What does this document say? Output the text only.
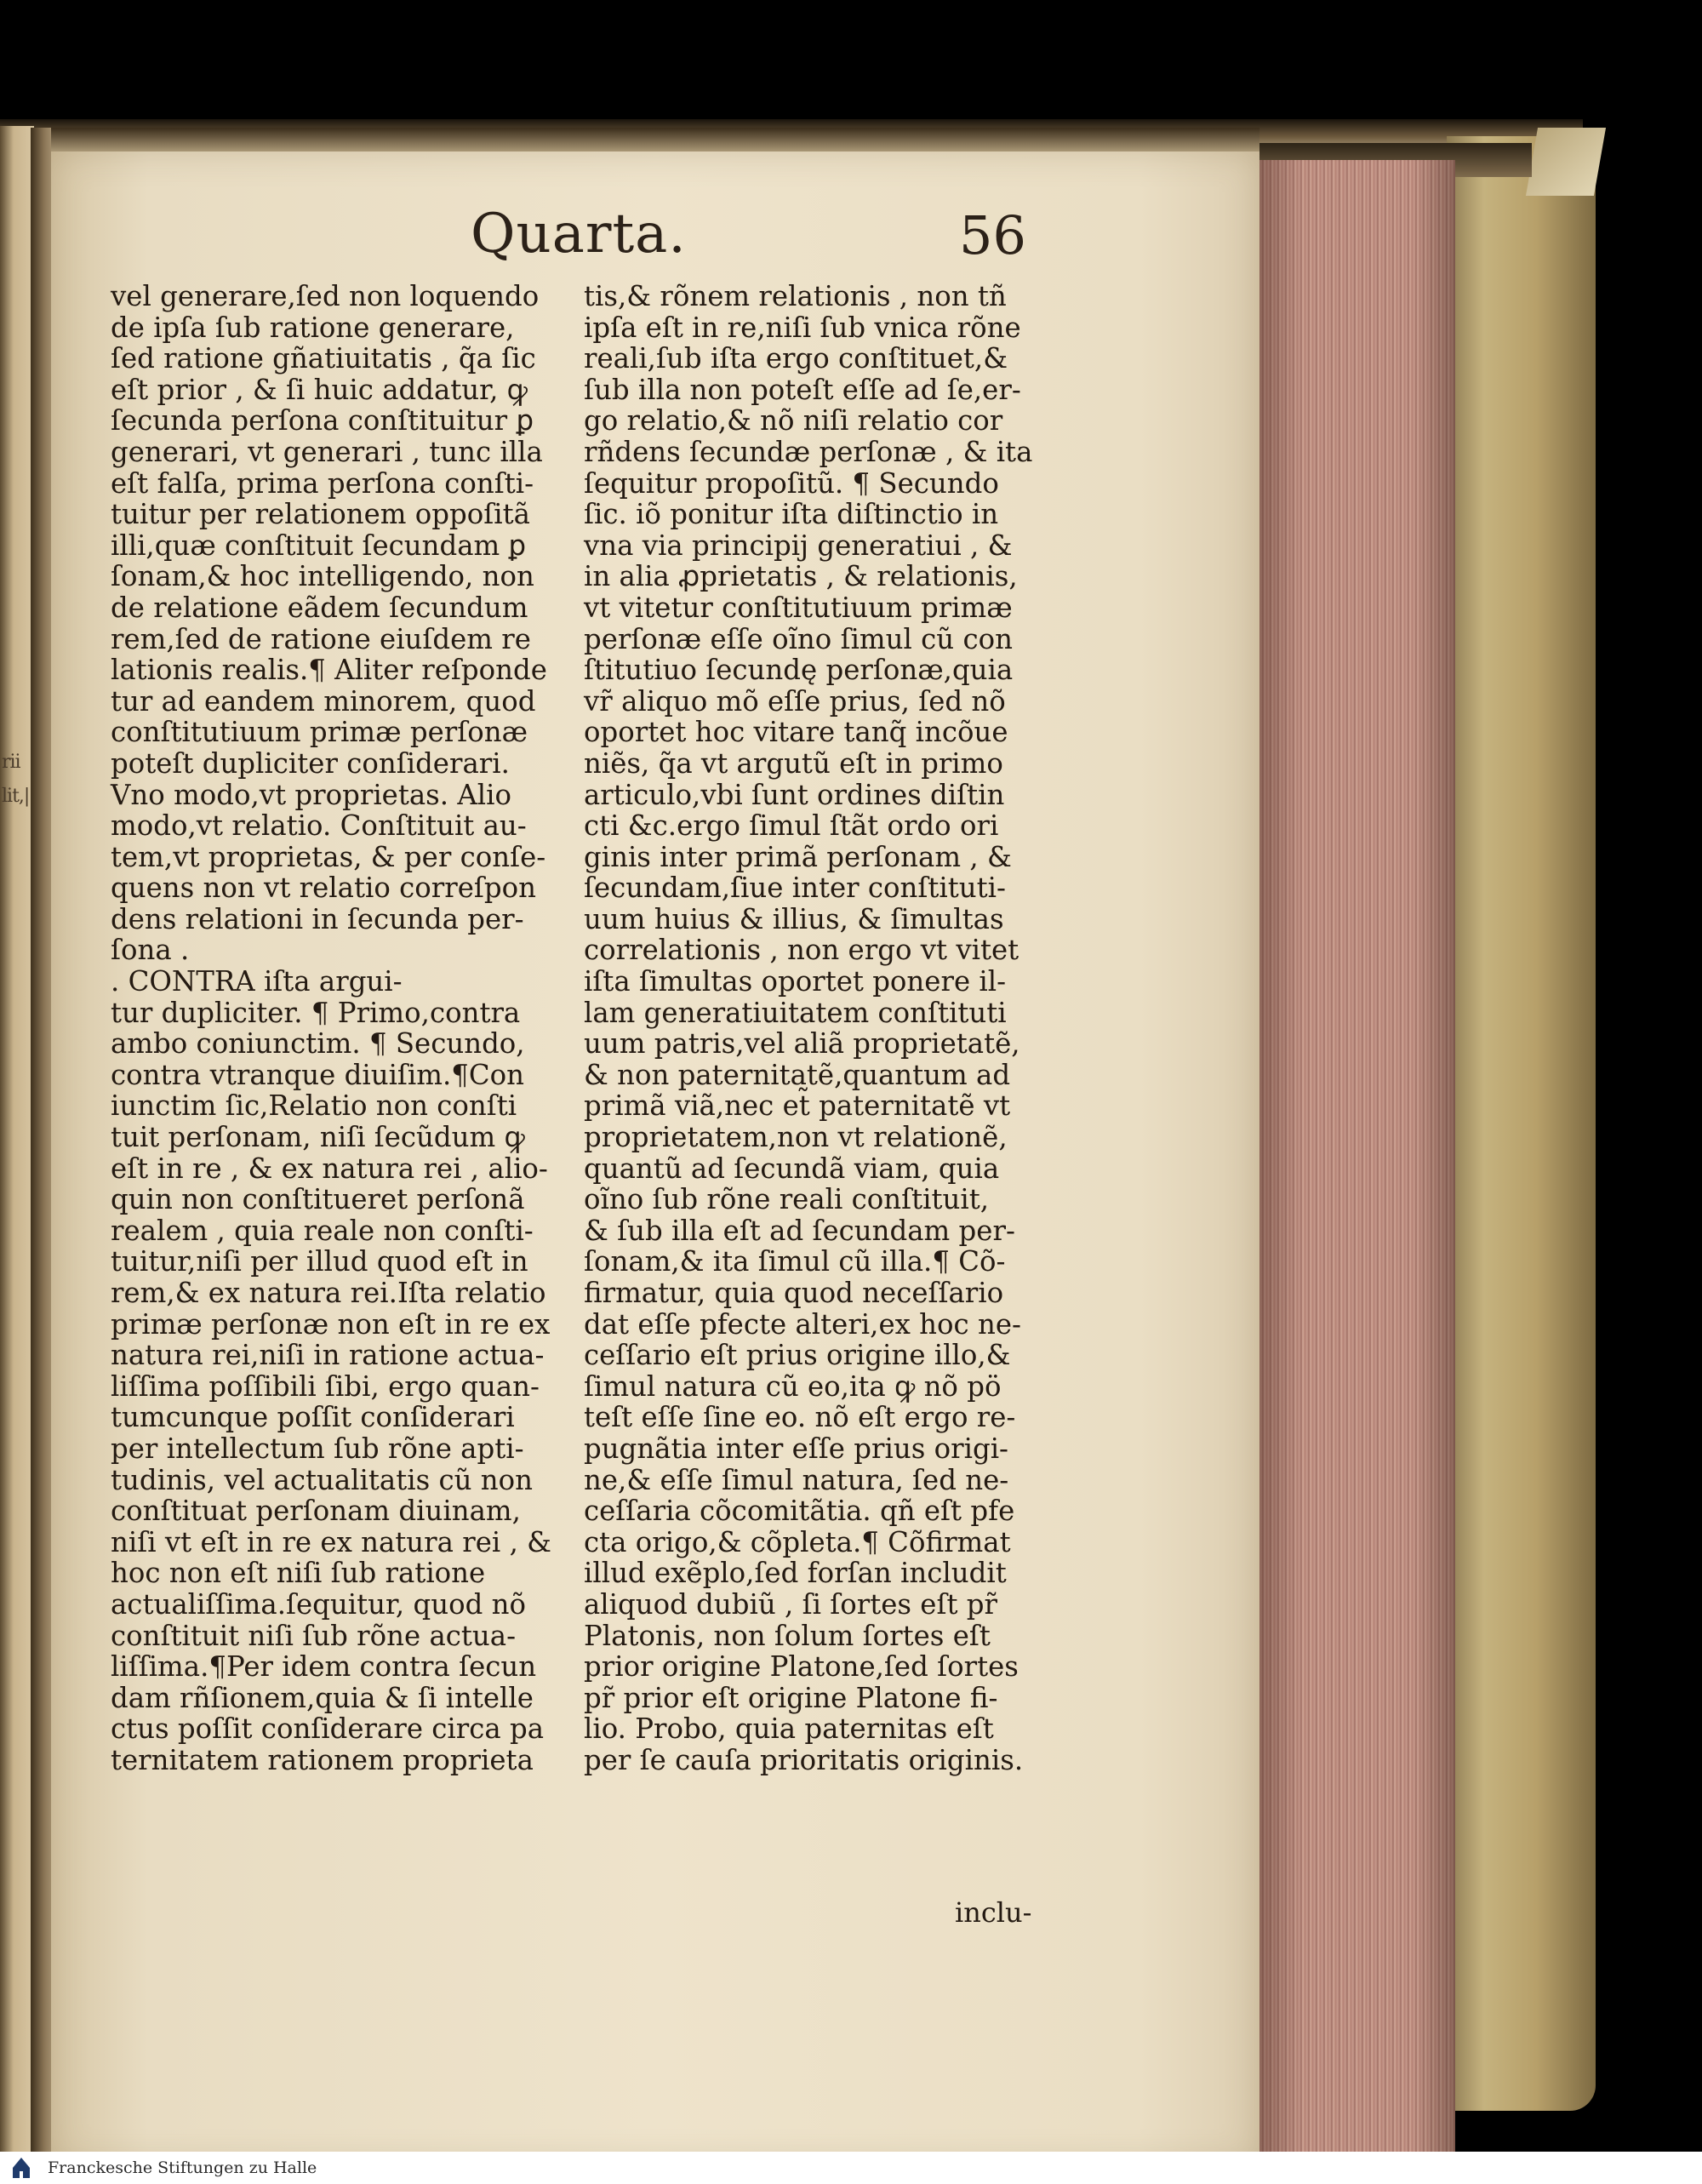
rii
lit,|
Quarta.	56
vel generare,ſed non loquendo
de ipſa ſub ratione generare,
ſed ratione gñatiuitatis , q̃a ſic
eſt prior , & ſi huic addatur, ꝙ
ſecunda perſona conſtituitur ꝑ
generari, vt generari , tunc illa
eſt falſa, prima perſona conſti-
tuitur per relationem oppoſitã
illi,quæ conſtituit ſecundam ꝑ
ſonam,& hoc intelligendo, non
de relatione eãdem ſecundum
rem,ſed de ratione eiuſdem re
lationis realis.¶ Aliter reſponde
tur ad eandem minorem, quod
conſtitutiuum primæ perſonæ
poteſt dupliciter conſiderari.
Vno modo,vt proprietas. Alio
modo,vt relatio. Conſtituit au-
tem,vt proprietas, & per conſe-
quens non vt relatio correſpon
dens relationi in ſecunda per-
ſona .
. CONTRA iſta argui-
tur dupliciter. ¶ Primo,contra
ambo coniunctim. ¶ Secundo,
contra vtranque diuiſim.¶Con
iunctim ſic,Relatio non conſti
tuit perſonam, niſi ſecũdum ꝙ
eſt in re , & ex natura rei , alio-
quin non conſtitueret perſonã
realem , quia reale non conſti-
tuitur,niſi per illud quod eſt in
rem,& ex natura rei.Iſta relatio
primæ perſonæ non eſt in re ex
natura rei,niſi in ratione actua-
liſſima poſſibili ſibi, ergo quan-
tumcunque poſſit conſiderari
per intellectum ſub rõne apti-
tudinis, vel actualitatis cũ non
conſtituat perſonam diuinam,
niſi vt eſt in re ex natura rei , &
hoc non eſt niſi ſub ratione
actualiſſima.ſequitur, quod nõ
conſtituit niſi ſub rõne actua-
liſſima.¶Per idem contra ſecun
dam rñſionem,quia & ſi intelle
ctus poſſit conſiderare circa pa
ternitatem rationem proprieta
tis,& rõnem relationis , non tñ
ipſa eſt in re,niſi ſub vnica rõne
reali,ſub iſta ergo conſtituet,&
ſub illa non poteſt eſſe ad ſe,er-
go relatio,& nõ niſi relatio cor
rñdens ſecundæ perſonæ , & ita
ſequitur propoſitũ. ¶ Secundo
ſic. iõ ponitur iſta diſtinctio in
vna via principij generatiui , &
in alia ꝓprietatis , & relationis,
vt vitetur conſtitutiuum primæ
perſonæ eſſe oĩno ſimul cũ con
ſtitutiuo ſecundę perſonæ,quia
vr̃ aliquo mõ eſſe prius, ſed nõ
oportet hoc vitare tanq̃ incõue
niẽs, q̃a vt argutũ eſt in primo
articulo,vbi ſunt ordines diſtin
cti &c.ergo ſimul ſtãt ordo ori
ginis inter primã perſonam , &
ſecundam,ſiue inter conſtituti-
uum huius & illius, & ſimultas
correlationis , non ergo vt vitet
iſta ſimultas oportet ponere il-
lam generatiuitatem conſtituti
uum patris,vel aliã proprietatẽ,
& non paternitatẽ,quantum ad
primã viã,nec et̃ paternitatẽ vt
proprietatem,non vt relationẽ,
quantũ ad ſecundã viam, quia
oĩno ſub rõne reali conſtituit,
& ſub illa eſt ad ſecundam per-
ſonam,& ita ſimul cũ illa.¶ Cõ-
firmatur, quia quod neceſſario
dat eſſe pfecte alteri,ex hoc ne-
ceſſario eſt prius origine illo,&
ſimul natura cũ eo,ita ꝙ nõ pö
teſt eſſe ſine eo. nõ eſt ergo re-
pugnãtia inter eſſe prius origi-
ne,& eſſe ſimul natura, ſed ne-
ceſſaria cõcomitãtia. qñ eſt pfe
cta origo,& cõpleta.¶ Cõfirmat
illud exẽplo,ſed forſan includit
aliquod dubiũ , ſi ſortes eſt pr̃
Platonis, non ſolum ſortes eſt
prior origine Platone,ſed ſortes
pr̃ prior eſt origine Platone fi-
lio. Probo, quia paternitas eſt
per ſe cauſa prioritatis originis.
inclu-
Franckesche Stiftungen zu Halle
